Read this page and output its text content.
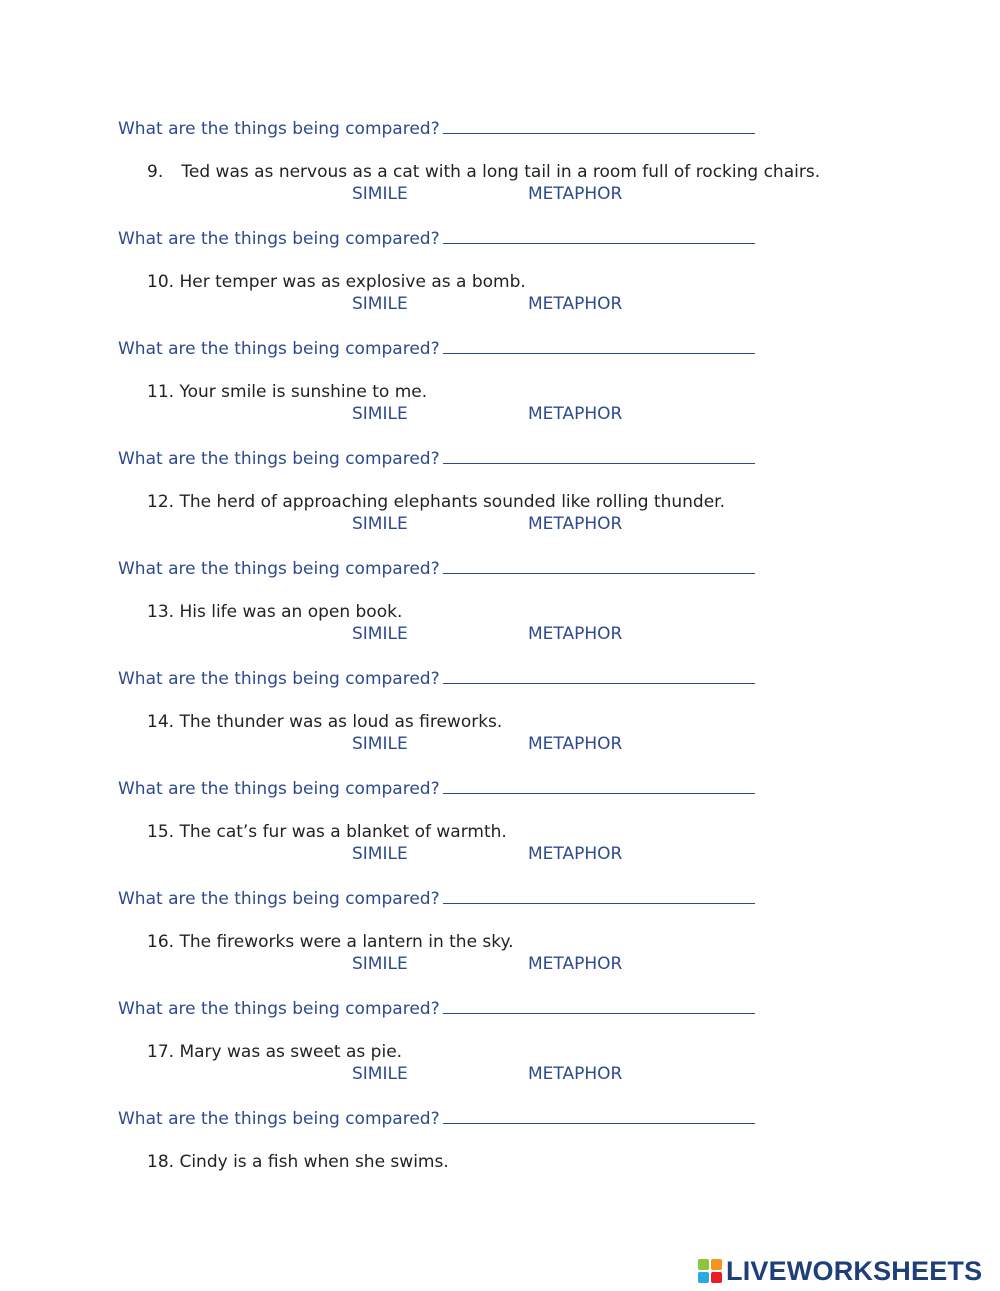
What are the things being compared?
9. Ted was as nervous as a cat with a long tail in a room full of rocking chairs.
SIMILE	METAPHOR
What are the things being compared?
10. Her temper was as explosive as a bomb.
SIMILE	METAPHOR
What are the things being compared?
11. Your smile is sunshine to me.
SIMILE	METAPHOR
What are the things being compared?
12. The herd of approaching elephants sounded like rolling thunder.
SIMILE	METAPHOR
What are the things being compared?
13. His life was an open book.
SIMILE	METAPHOR
What are the things being compared?
14. The thunder was as loud as fireworks.
SIMILE	METAPHOR
What are the things being compared?
15. The cat’s fur was a blanket of warmth.
SIMILE	METAPHOR
What are the things being compared?
16. The fireworks were a lantern in the sky.
SIMILE	METAPHOR
What are the things being compared?
17. Mary was as sweet as pie.
SIMILE	METAPHOR
What are the things being compared?
18. Cindy is a fish when she swims.
LIVEWORKSHEETS
